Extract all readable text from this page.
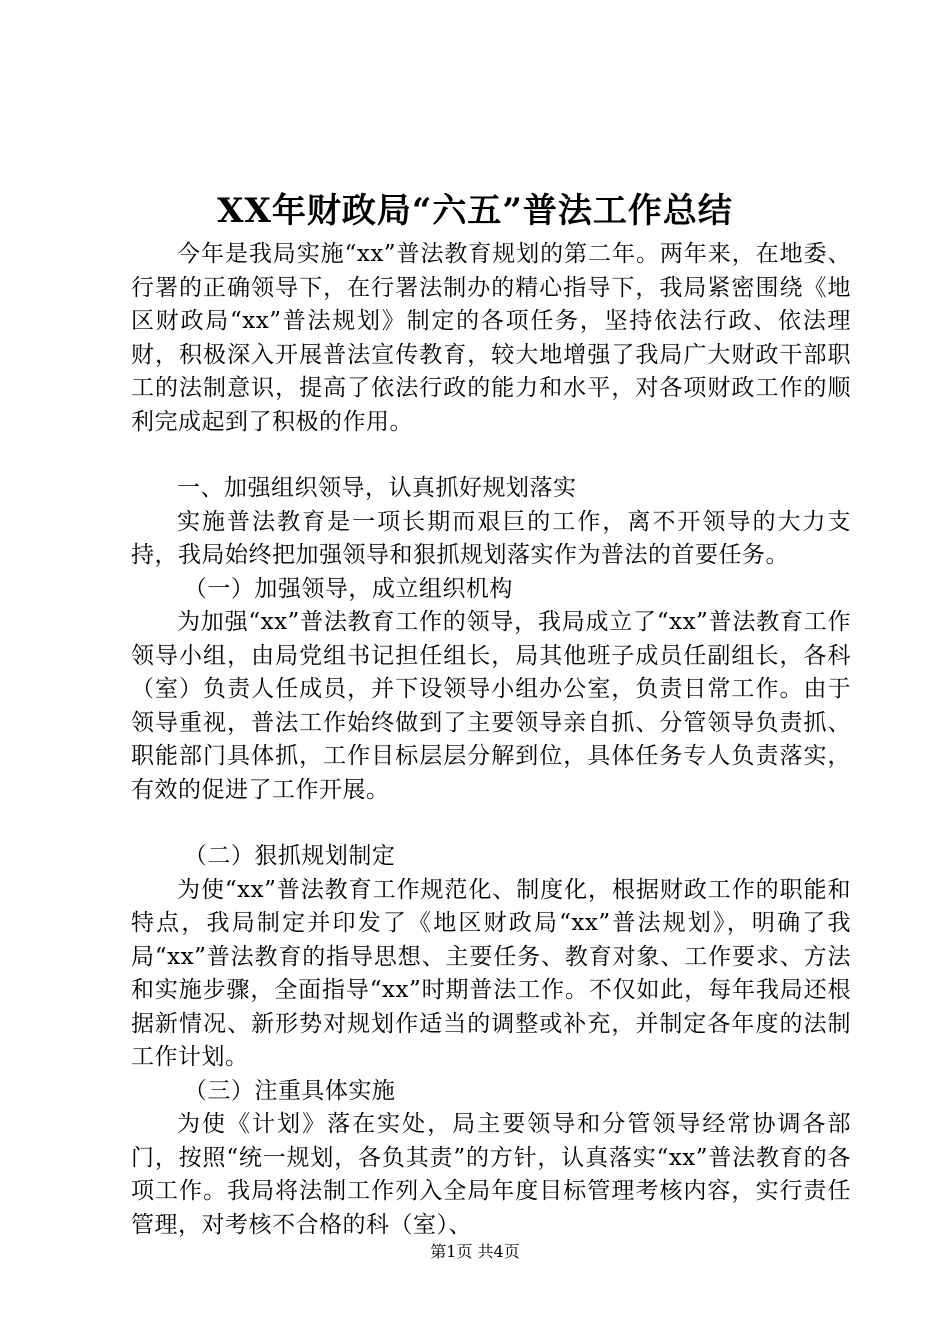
XX年财政局“六五”普法工作总结

今年是我局实施“xx”普法教育规划的第二年。两年来，在地委、行署的正确领导下，在行署法制办的精心指导下，我局紧密围绕《地区财政局“xx”普法规划》制定的各项任务，坚持依法行政、依法理财，积极深入开展普法宣传教育，较大地增强了我局广大财政干部职工的法制意识，提高了依法行政的能力和水平，对各项财政工作的顺利完成起到了积极的作用。

一、加强组织领导，认真抓好规划落实

实施普法教育是一项长期而艰巨的工作，离不开领导的大力支持，我局始终把加强领导和狠抓规划落实作为普法的首要任务。

（一）加强领导，成立组织机构

为加强“xx”普法教育工作的领导，我局成立了“xx”普法教育工作领导小组，由局党组书记担任组长，局其他班子成员任副组长，各科（室）负责人任成员，并下设领导小组办公室，负责日常工作。由于领导重视，普法工作始终做到了主要领导亲自抓、分管领导负责抓、职能部门具体抓，工作目标层层分解到位，具体任务专人负责落实，有效的促进了工作开展。

（二）狠抓规划制定

为使“xx”普法教育工作规范化、制度化，根据财政工作的职能和特点，我局制定并印发了《地区财政局“xx”普法规划》，明确了我局“xx”普法教育的指导思想、主要任务、教育对象、工作要求、方法和实施步骤，全面指导“xx”时期普法工作。不仅如此，每年我局还根据新情况、新形势对规划作适当的调整或补充，并制定各年度的法制工作计划。

（三）注重具体实施

为使《计划》落在实处，局主要领导和分管领导经常协调各部门，按照“统一规划，各负其责”的方针，认真落实“xx”普法教育的各项工作。我局将法制工作列入全局年度目标管理考核内容，实行责任管理，对考核不合格的科（室）、

第1页 共4页
